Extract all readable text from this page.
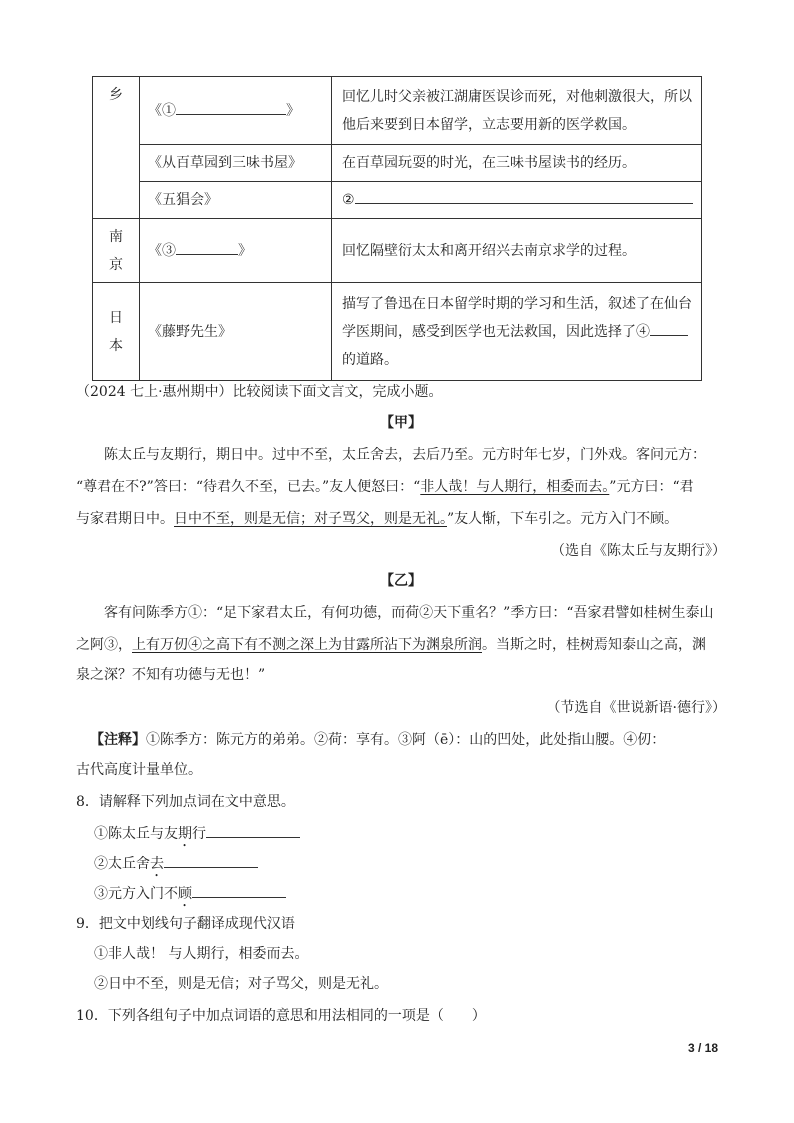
乡	《① 》	回忆儿时父亲被江湖庸医误诊而死，对他刺激很大，所以他后来要到日本留学，立志要用新的医学救国。
	《从百草园到三味书屋》	在百草园玩耍的时光，在三味书屋读书的经历。
	《五猖会》	②

南京	《③ 》	回忆隔壁衍太太和离开绍兴去南京求学的过程。

日本	《藤野先生》	描写了鲁迅在日本留学时期的学习和生活，叙述了在仙台学医期间，感受到医学也无法救国，因此选择了④的道路。
（2024 七上·惠州期中）比较阅读下面文言文，完成小题。
【甲】
陈太丘与友期行，期日中。过中不至，太丘舍去，去后乃至。元方时年七岁，门外戏。客问元方：
“尊君在不?”答曰：“待君久不至，已去。”友人便怒曰：“非人哉！与人期行，相委而去。”元方曰：“君
与家君期日中。日中不至，则是无信；对子骂父，则是无礼。”友人惭，下车引之。元方入门不顾。
（选自《陈太丘与友期行》）
【乙】
客有问陈季方①：“足下家君太丘，有何功德，而荷②天下重名？”季方曰：“吾家君譬如桂树生泰山
之阿③，上有万仞④之高下有不测之深上为甘露所沾下为渊泉所润。当斯之时，桂树焉知泰山之高，渊
泉之深？不知有功德与无也！”
（节选自《世说新语·德行》）
【注释】①陈季方：陈元方的弟弟。②荷：享有。③阿（ē）：山的凹处，此处指山腰。④仞：
古代高度计量单位。
8．请解释下列加点词在文中意思。
①陈太丘与友期行
②太丘舍去
③元方入门不顾
9．把文中划线句子翻译成现代汉语
①非人哉！ 与人期行，相委而去。
②日中不至，则是无信；对子骂父，则是无礼。
10．下列各组句子中加点词语的意思和用法相同的一项是（　　）
3 / 18
